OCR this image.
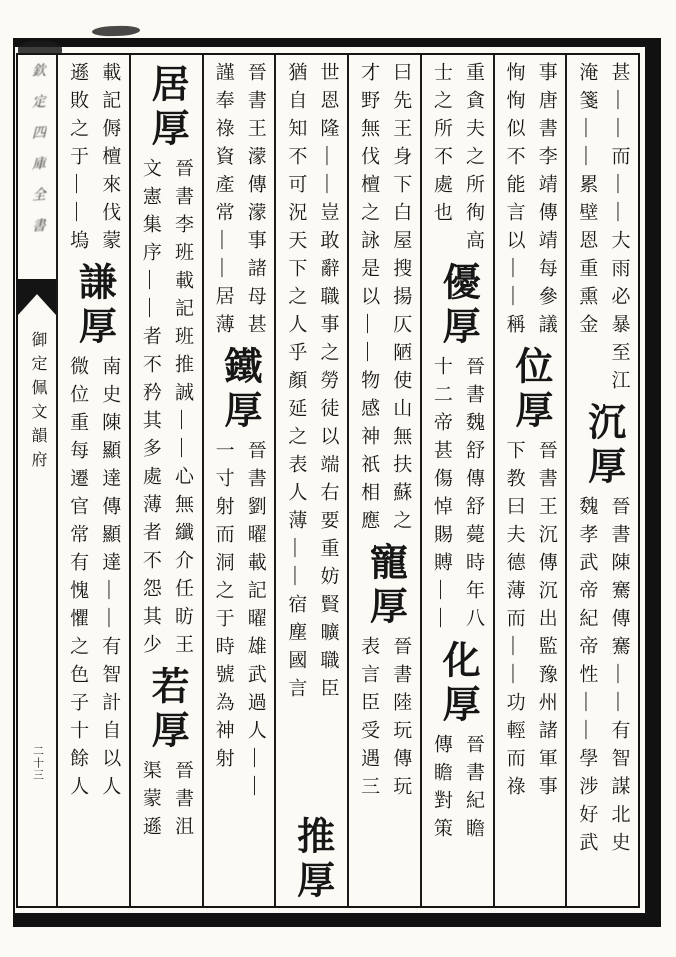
甚——而——大雨必暴至江
淹箋——累壁恩重熏金
沉厚
晉書陳騫傳騫——有智謀北史
魏孝武帝紀帝性——學涉好武
事唐書李靖傳靖每參議
恂恂似不能言以——稱
位厚
晉書王沉傳沉出監豫州諸軍事
下教曰夫德薄而——功輕而祿
重貪夫之所徇高
士之所不處也
優厚
晉書魏舒傳舒薨時年八
十二帝甚傷悼賜賻——
化厚
晉書紀瞻
傳瞻對策
曰先王身下白屋搜揚仄陋使山無扶蘇之
才野無伐檀之詠是以——物感神祇相應
寵厚
晉書陸玩傳玩
表言臣受遇三
世恩隆——豈敢辭職事之勞徒以端右要重妨賢曠職臣
猶自知不可況天下之人乎顏延之表人薄——宿塵國言
推厚
晉書王濛傳濛事諸母甚
謹奉祿資產常——居薄
鐵厚
晉書劉曜載記曜雄武過人——
一寸射而洞之于時號為神射
居厚
晉書李班載記班推誠——心無纖介任昉王
文憲集序——者不矜其多處薄者不怨其少
若厚
晉書沮
渠蒙遜
載記傉檀來伐蒙
遜敗之于——塢
謙厚
南史陳顯達傳顯達——有智計自以人
微位重每遷官常有愧懼之色子十餘人
欽定四庫全書
御定佩文韻府
二十三
